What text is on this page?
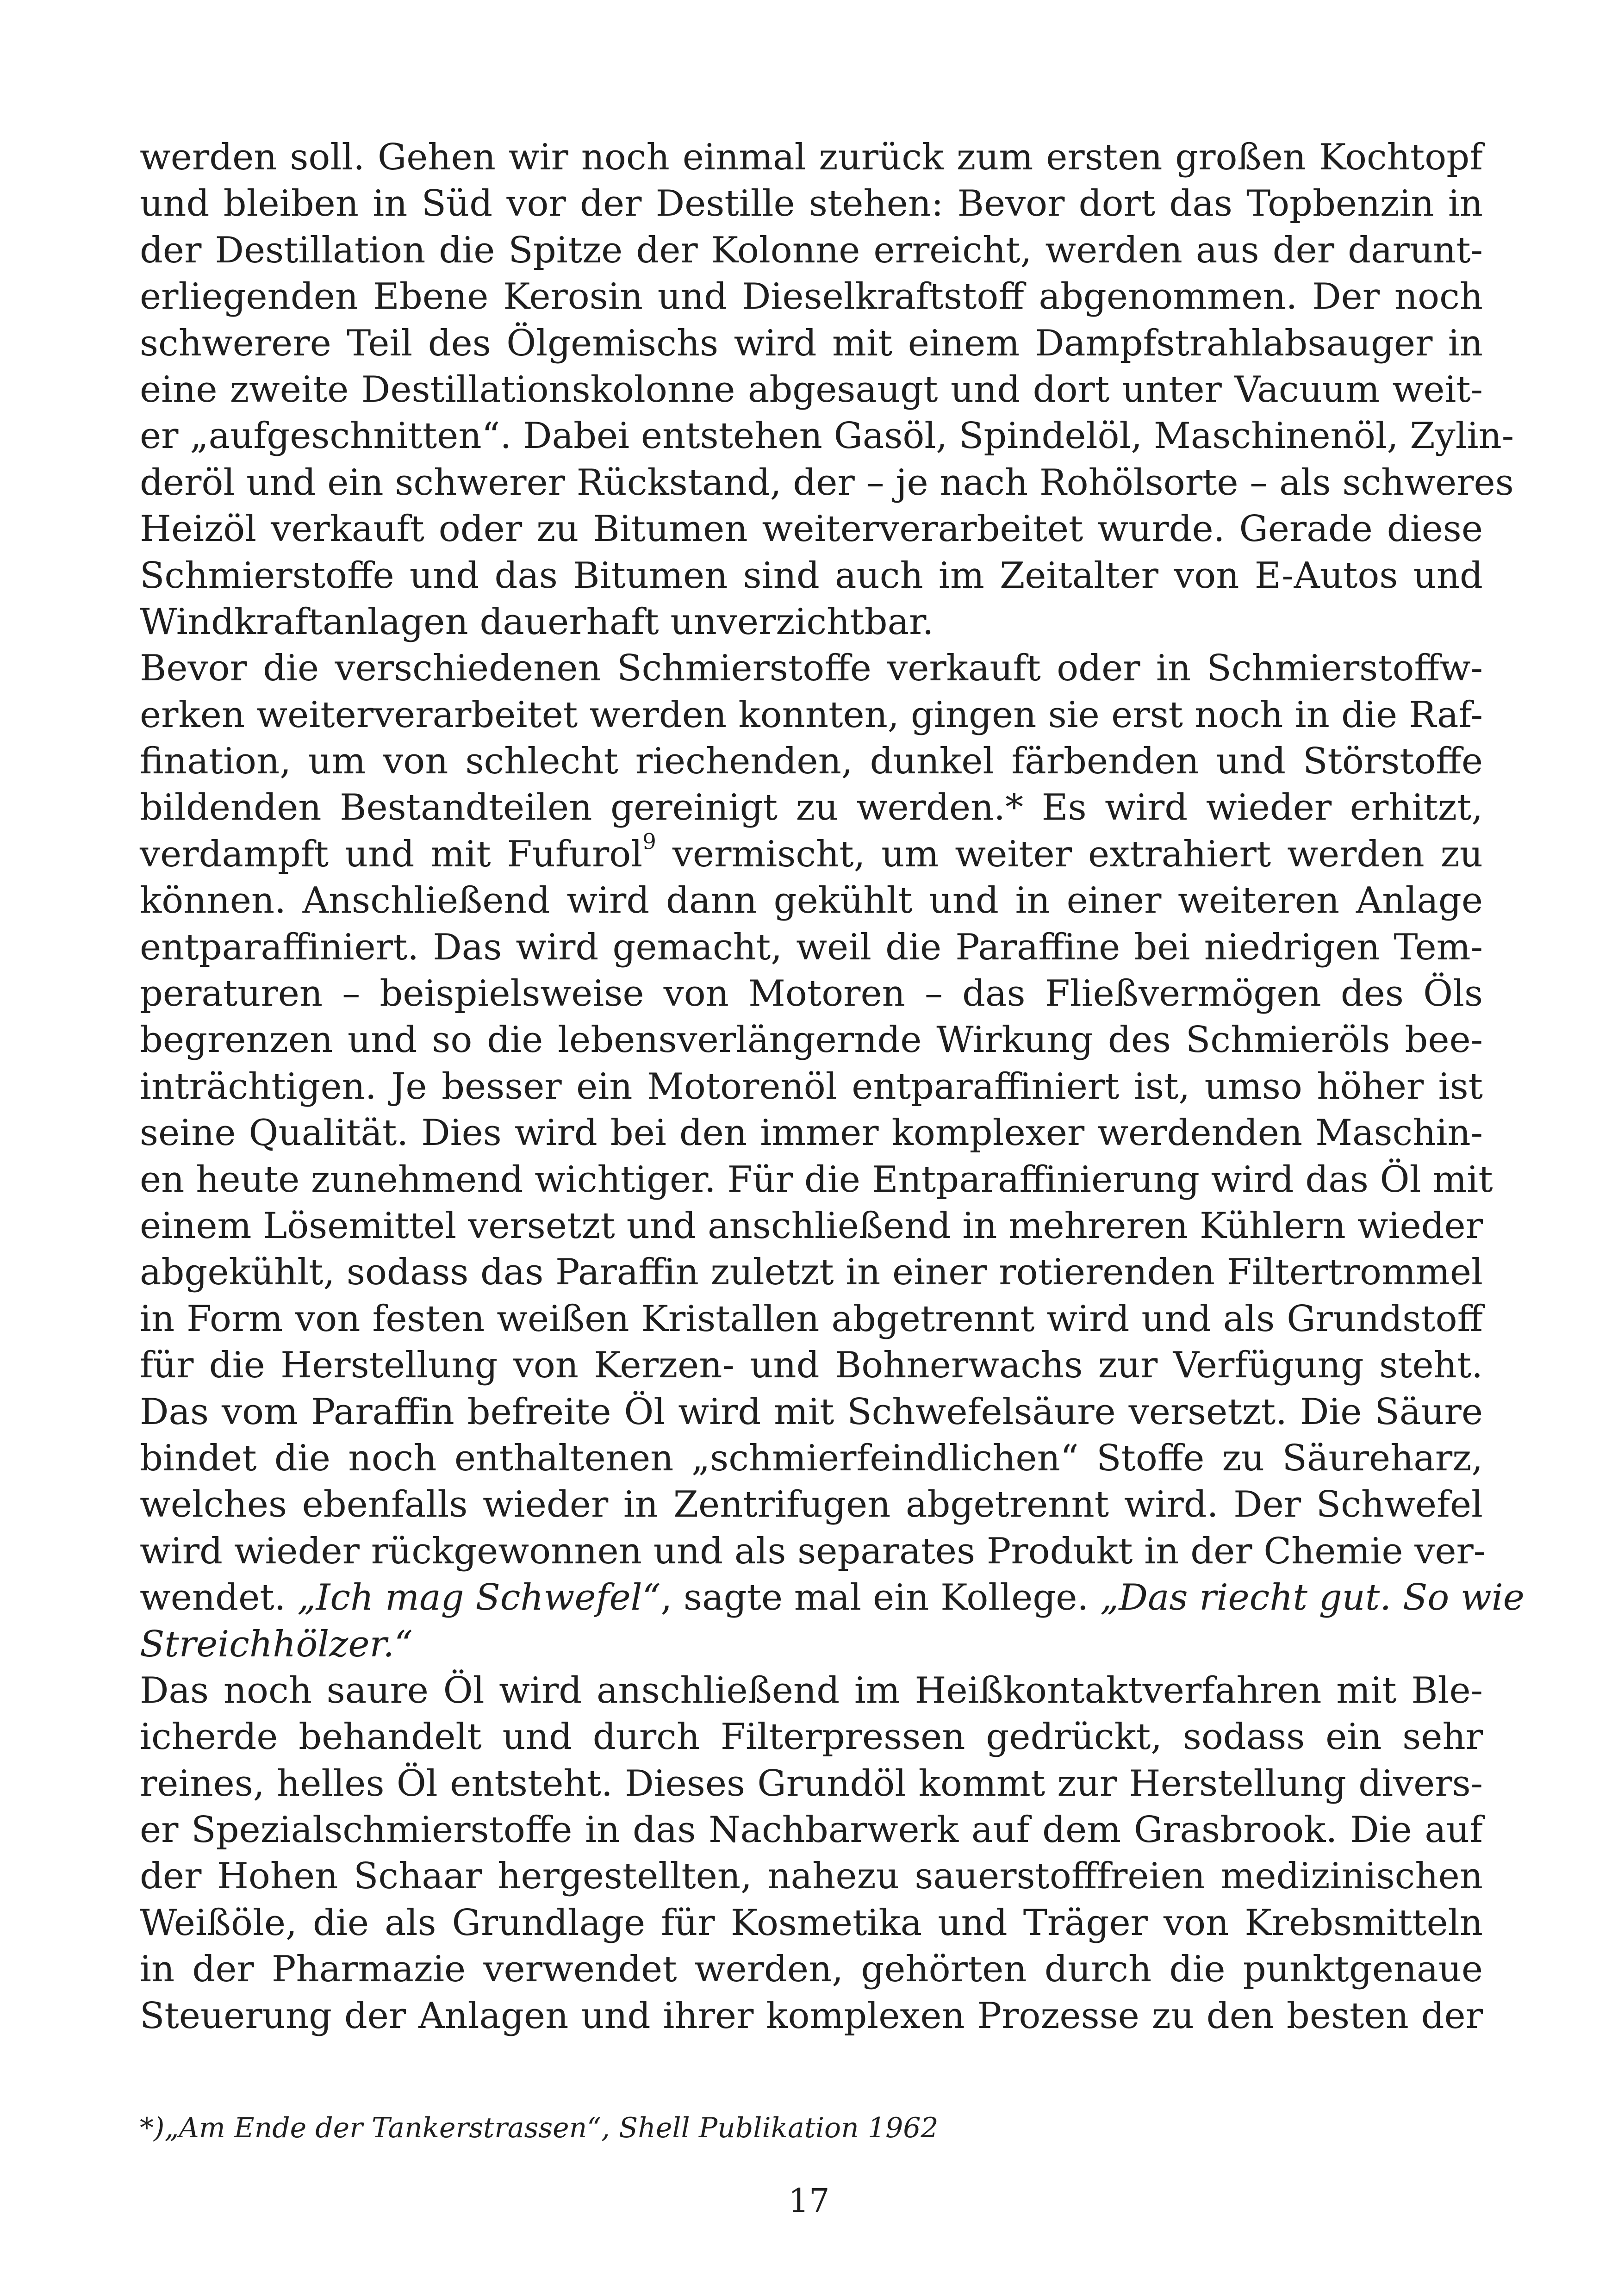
werden soll. Gehen wir noch einmal zurück zum ersten großen Kochtopf
und bleiben in Süd vor der Destille stehen: Bevor dort das Topbenzin in
der Destillation die Spitze der Kolonne erreicht, werden aus der darunt-
erliegenden Ebene Kerosin und Dieselkraftstoff abgenommen. Der noch
schwerere Teil des Ölgemischs wird mit einem Dampfstrahlabsauger in
eine zweite Destillationskolonne abgesaugt und dort unter Vacuum weit-
er „aufgeschnitten“. Dabei entstehen Gasöl, Spindelöl, Maschinenöl, Zylin-
deröl und ein schwerer Rückstand, der – je nach Rohölsorte – als schweres
Heizöl verkauft oder zu Bitumen weiterverarbeitet wurde. Gerade diese
Schmierstoffe und das Bitumen sind auch im Zeitalter von E-Autos und
Windkraftanlagen dauerhaft unverzichtbar.
Bevor die verschiedenen Schmierstoffe verkauft oder in Schmierstoffw-
erken weiterverarbeitet werden konnten, gingen sie erst noch in die Raf-
fination, um von schlecht riechenden, dunkel färbenden und Störstoffe
bildenden Bestandteilen gereinigt zu werden.* Es wird wieder erhitzt,
verdampft und mit Fufurol$^9$ vermischt, um weiter extrahiert werden zu
können. Anschließend wird dann gekühlt und in einer weiteren Anlage
entparaffiniert. Das wird gemacht, weil die Paraffine bei niedrigen Tem-
peraturen – beispielsweise von Motoren – das Fließvermögen des Öls
begrenzen und so die lebensverlängernde Wirkung des Schmieröls bee-
inträchtigen. Je besser ein Motorenöl entparaffiniert ist, umso höher ist
seine Qualität. Dies wird bei den immer komplexer werdenden Maschin-
en heute zunehmend wichtiger. Für die Entparaffinierung wird das Öl mit
einem Lösemittel versetzt und anschließend in mehreren Kühlern wieder
abgekühlt, sodass das Paraffin zuletzt in einer rotierenden Filtertrommel
in Form von festen weißen Kristallen abgetrennt wird und als Grundstoff
für die Herstellung von Kerzen- und Bohnerwachs zur Verfügung steht.
Das vom Paraffin befreite Öl wird mit Schwefelsäure versetzt. Die Säure
bindet die noch enthaltenen „schmierfeindlichen“ Stoffe zu Säureharz,
welches ebenfalls wieder in Zentrifugen abgetrennt wird. Der Schwefel
wird wieder rückgewonnen und als separates Produkt in der Chemie ver-
wendet. „Ich mag Schwefel“, sagte mal ein Kollege. „Das riecht gut. So wie
Streichhölzer.“
Das noch saure Öl wird anschließend im Heißkontaktverfahren mit Ble-
icherde behandelt und durch Filterpressen gedrückt, sodass ein sehr
reines, helles Öl entsteht. Dieses Grundöl kommt zur Herstellung divers-
er Spezialschmierstoffe in das Nachbarwerk auf dem Grasbrook. Die auf
der Hohen Schaar hergestellten, nahezu sauerstofffreien medizinischen
Weißöle, die als Grundlage für Kosmetika und Träger von Krebsmitteln
in der Pharmazie verwendet werden, gehörten durch die punktgenaue
Steuerung der Anlagen und ihrer komplexen Prozesse zu den besten der
*)„Am Ende der Tankerstrassen“, Shell Publikation 1962
17
